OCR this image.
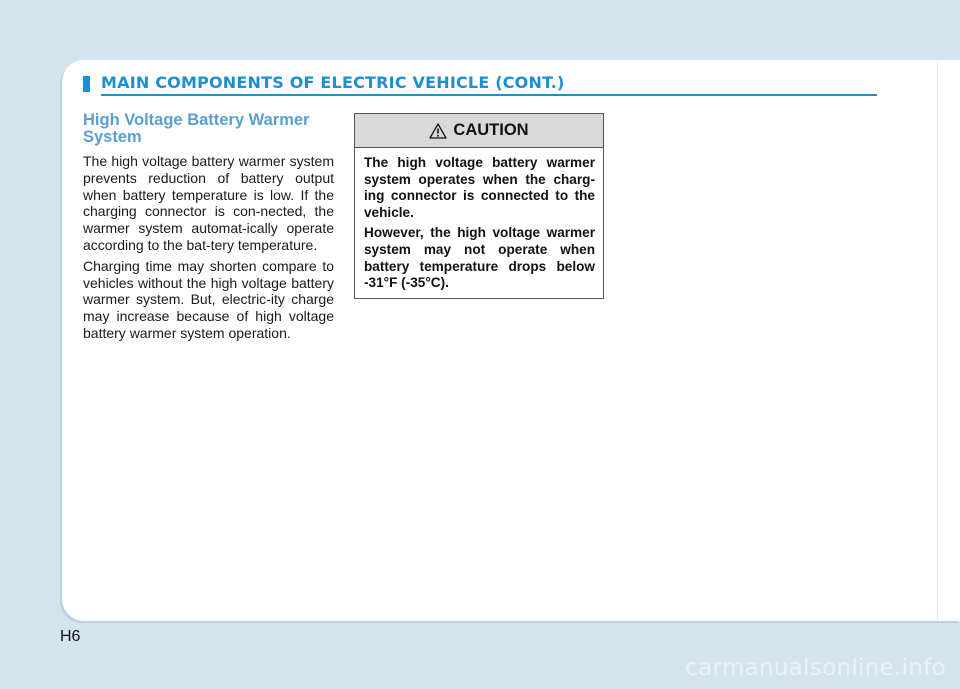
MAIN COMPONENTS OF ELECTRIC VEHICLE (CONT.)
High Voltage Battery Warmer System

The high voltage battery warmer system prevents reduction of battery output when battery temperature is low. If the charging connector is con-nected, the warmer system automat-ically operate according to the bat-tery temperature.

Charging time may shorten compare to vehicles without the high voltage battery warmer system. But, electric-ity charge may increase because of high voltage battery warmer system operation.

CAUTION

The high voltage battery warmer system operates when the charg-ing connector is connected to the vehicle.

However, the high voltage warmer system may not operate when battery temperature drops below -31°F (-35°C).

H6
carmanualsonline.info
